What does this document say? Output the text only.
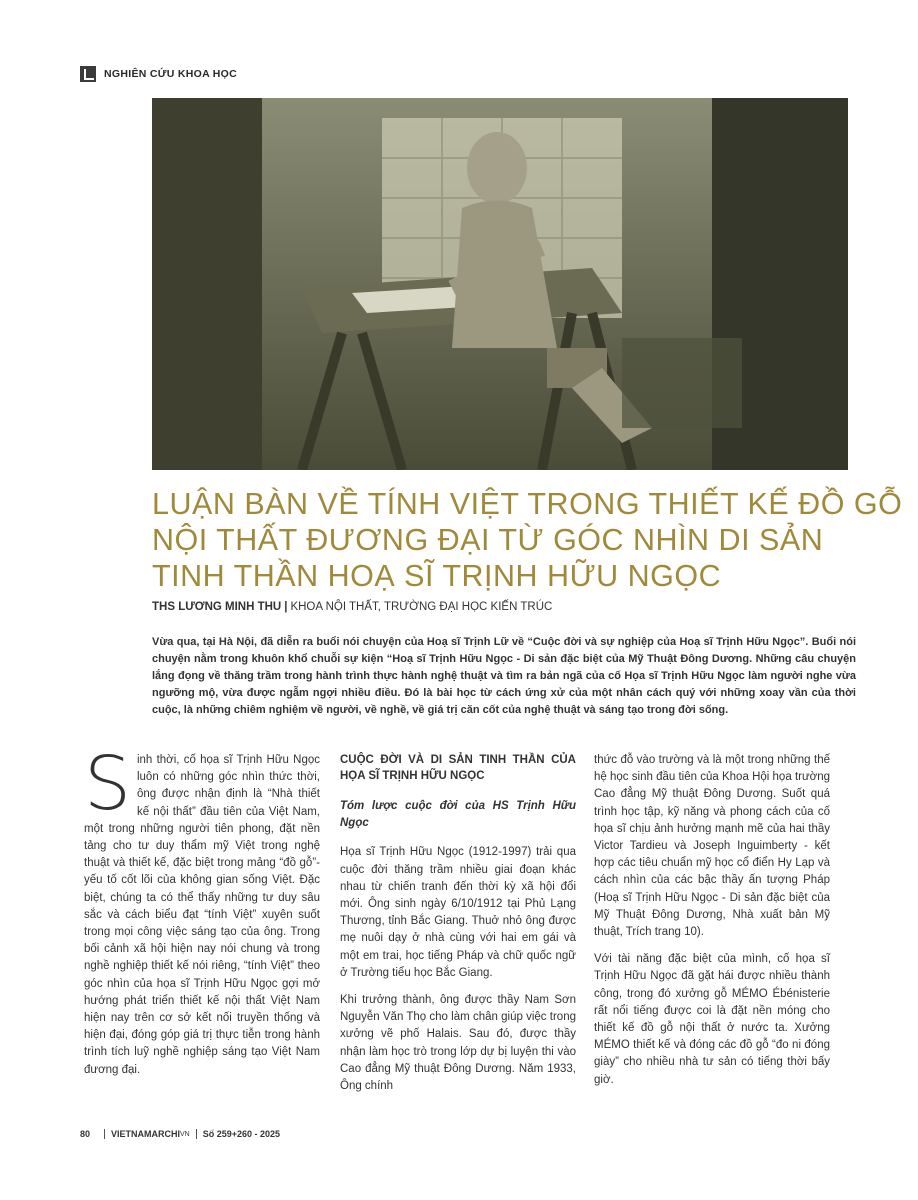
NGHIÊN CỨU KHOA HỌC
LUẬN BÀN VỀ TÍNH VIỆT TRONG THIẾT KẾ ĐỒ GỖ
NỘI THẤT ĐƯƠNG ĐẠI TỪ GÓC NHÌN DI SẢN
TINH THẦN HOẠ SĨ TRỊNH HỮU NGỌC
THS LƯƠNG MINH THU | KHOA NỘI THẤT, TRƯỜNG ĐẠI HỌC KIẾN TRÚC
Vừa qua, tại Hà Nội, đã diễn ra buổi nói chuyện của Hoạ sĩ Trịnh Lữ về “Cuộc đời và sự nghiệp của Hoạ sĩ Trịnh Hữu Ngọc”. Buổi nói chuyện nằm trong khuôn khổ chuỗi sự kiện “Hoạ sĩ Trịnh Hữu Ngọc - Di sản đặc biệt của Mỹ Thuật Đông Dương. Những câu chuyện lắng đọng về thăng trầm trong hành trình thực hành nghệ thuật và tìm ra bản ngã của cố Họa sĩ Trịnh Hữu Ngọc làm người nghe vừa ngưỡng mộ, vừa được ngẫm ngợi nhiều điều. Đó là bài học từ cách ứng xử của một nhân cách quý với những xoay vần của thời cuộc, là những chiêm nghiệm về người, về nghề, về giá trị căn cốt của nghệ thuật và sáng tạo trong đời sống.
S inh thời, cố họa sĩ Trịnh Hữu Ngọc luôn có những góc nhìn thức thời, ông được nhận định là “Nhà thiết kế nội thất” đầu tiên của Việt Nam, một trong những người tiên phong, đặt nền tảng cho tư duy thẩm mỹ Việt trong nghệ thuật và thiết kế, đặc biệt trong mảng “đồ gỗ”- yếu tố cốt lõi của không gian sống Việt. Đặc biệt, chúng ta có thể thấy những tư duy sâu sắc và cách biểu đạt “tính Việt” xuyên suốt trong mọi công việc sáng tạo của ông. Trong bối cảnh xã hội hiện nay nói chung và trong nghề nghiệp thiết kế nói riêng, “tính Việt” theo góc nhìn của họa sĩ Trịnh Hữu Ngọc gợi mở hướng phát triển thiết kế nội thất Việt Nam hiện nay trên cơ sở kết nối truyền thống và hiện đại, đóng góp giá trị thực tiễn trong hành trình tích luỹ nghề nghiệp sáng tạo Việt Nam đương đại.
CUỘC ĐỜI VÀ DI SẢN TINH THẦN CỦA HỌA SĨ TRỊNH HỮU NGỌC
Tóm lược cuộc đời của HS Trịnh Hữu Ngọc

Họa sĩ Trịnh Hữu Ngọc (1912-1997) trải qua cuộc đời thăng trầm nhiều giai đoạn khác nhau từ chiến tranh đến thời kỳ xã hội đổi mới. Ông sinh ngày 6/10/1912 tại Phủ Lạng Thương, tỉnh Bắc Giang. Thuở nhỏ ông được mẹ nuôi dạy ở nhà cùng với hai em gái và một em trai, học tiếng Pháp và chữ quốc ngữ ở Trường tiểu học Bắc Giang.

Khi trưởng thành, ông được thầy Nam Sơn Nguyễn Văn Thọ cho làm chân giúp việc trong xưởng vẽ phố Halais. Sau đó, được thầy nhận làm học trò trong lớp dự bị luyện thi vào Cao đẳng Mỹ thuật Đông Dương. Năm 1933, Ông chính

thức đỗ vào trường và là một trong những thế hệ học sinh đầu tiên của Khoa Hội họa trường Cao đẳng Mỹ thuật Đông Dương. Suốt quá trình học tập, kỹ năng và phong cách của cố họa sĩ chịu ảnh hưởng mạnh mẽ của hai thầy Victor Tardieu và Joseph Inguimberty - kết hợp các tiêu chuẩn mỹ học cổ điển Hy Lạp và cách nhìn của các bậc thầy ấn tượng Pháp (Hoạ sĩ Trịnh Hữu Ngọc - Di sản đặc biệt của Mỹ Thuật Đông Dương, Nhà xuất bản Mỹ thuật, Trích trang 10).

Với tài năng đặc biệt của mình, cố họa sĩ Trịnh Hữu Ngọc đã gặt hái được nhiều thành công, trong đó xưởng gỗ MÉMO Ébénisterie rất nổi tiếng được coi là đặt nền móng cho thiết kế đồ gỗ nội thất ở nước ta. Xưởng MÉMO thiết kế và đóng các đồ gỗ “đo ni đóng giày” cho nhiều nhà tư sản có tiếng thời bấy giờ.

80 VIETNAMARCHI VN Số 259+260 - 2025
